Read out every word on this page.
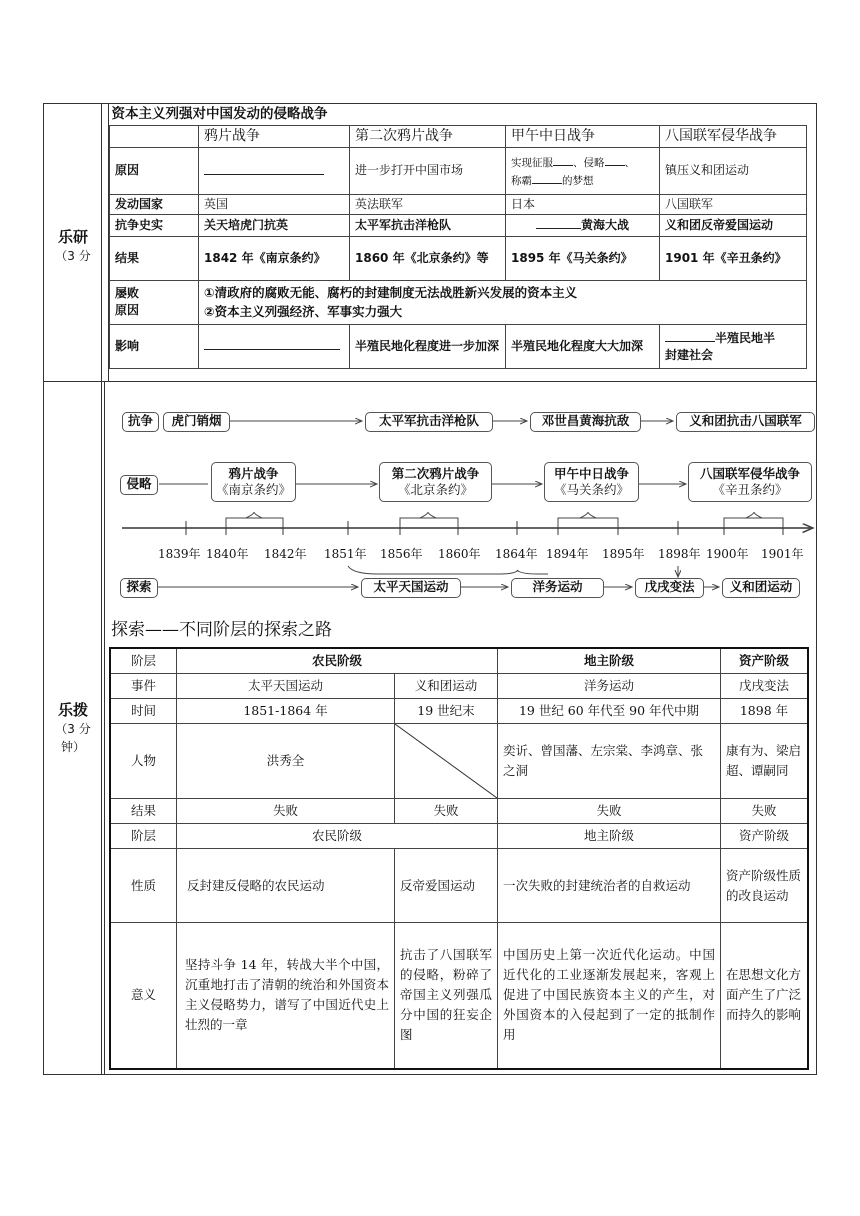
乐研
（3 分
乐拨
（3 分
钟）
资本主义列强对中国发动的侵略战争				
	鸦片战争	第二次鸦片战争	甲午中日战争	八国联军侵华战争
原因		进一步打开中国市场	实现征服 、侵略 、
称霸 的梦想	镇压义和团运动
发动国家	英国	英法联军	日本	八国联军
抗争史实	关天培虎门抗英	太平军抗击洋枪队	黄海大战	义和团反帝爱国运动
结果	1842 年《南京条约》	1860 年《北京条约》等	1895 年《马关条约》	1901 年《辛丑条约》
屡败
原因	①清政府的腐败无能、腐朽的封建制度无法战胜新兴发展的资本主义
②资本主义列强经济、军事实力强大			
影响		半殖民地化程度进一步加深	半殖民地化程度大大加深	半殖民地半
封建社会
抗争	虎门销烟	太平军抗击洋枪队	邓世昌黄海抗敌	义和团抗击八国联军
侵略
鸦片战争
《南京条约》
第二次鸦片战争
《北京条约》
甲午中日战争
《马关条约》
八国联军侵华战争
《辛丑条约》
1839年 1840年 1842年 1851年 1856年 1860年 1864年 1894年 1895年 1898年 1900年 1901年
探索	太平天国运动	洋务运动	戊戌变法	义和团运动
探索——不同阶层的探索之路
阶层	农民阶级		地主阶级	资产阶级
事件	太平天国运动	义和团运动	洋务运动	戊戌变法
时间	1851-1864 年	19 世纪末	19 世纪 60 年代至 90 年代中期	1898 年
人物	洪秀全		奕䜣、曾国藩、左宗棠、李鸿章、张之洞	康有为、梁启超、谭嗣同
结果	失败	失败	失败	失败
阶层	农民阶级		地主阶级	资产阶级
性质	反封建反侵略的农民运动	反帝爱国运动	一次失败的封建统治者的自救运动	资产阶级性质的改良运动
意义	坚持斗争 14 年，转战大半个中国，沉重地打击了清朝的统治和外国资本主义侵略势力，谱写了中国近代史上壮烈的一章	抗击了八国联军的侵略，粉碎了帝国主义列强瓜分中国的狂妄企图	中国历史上第一次近代化运动。中国近代化的工业逐渐发展起来，客观上促进了中国民族资本主义的产生，对外国资本的入侵起到了一定的抵制作用	在思想文化方面产生了广泛而持久的影响
